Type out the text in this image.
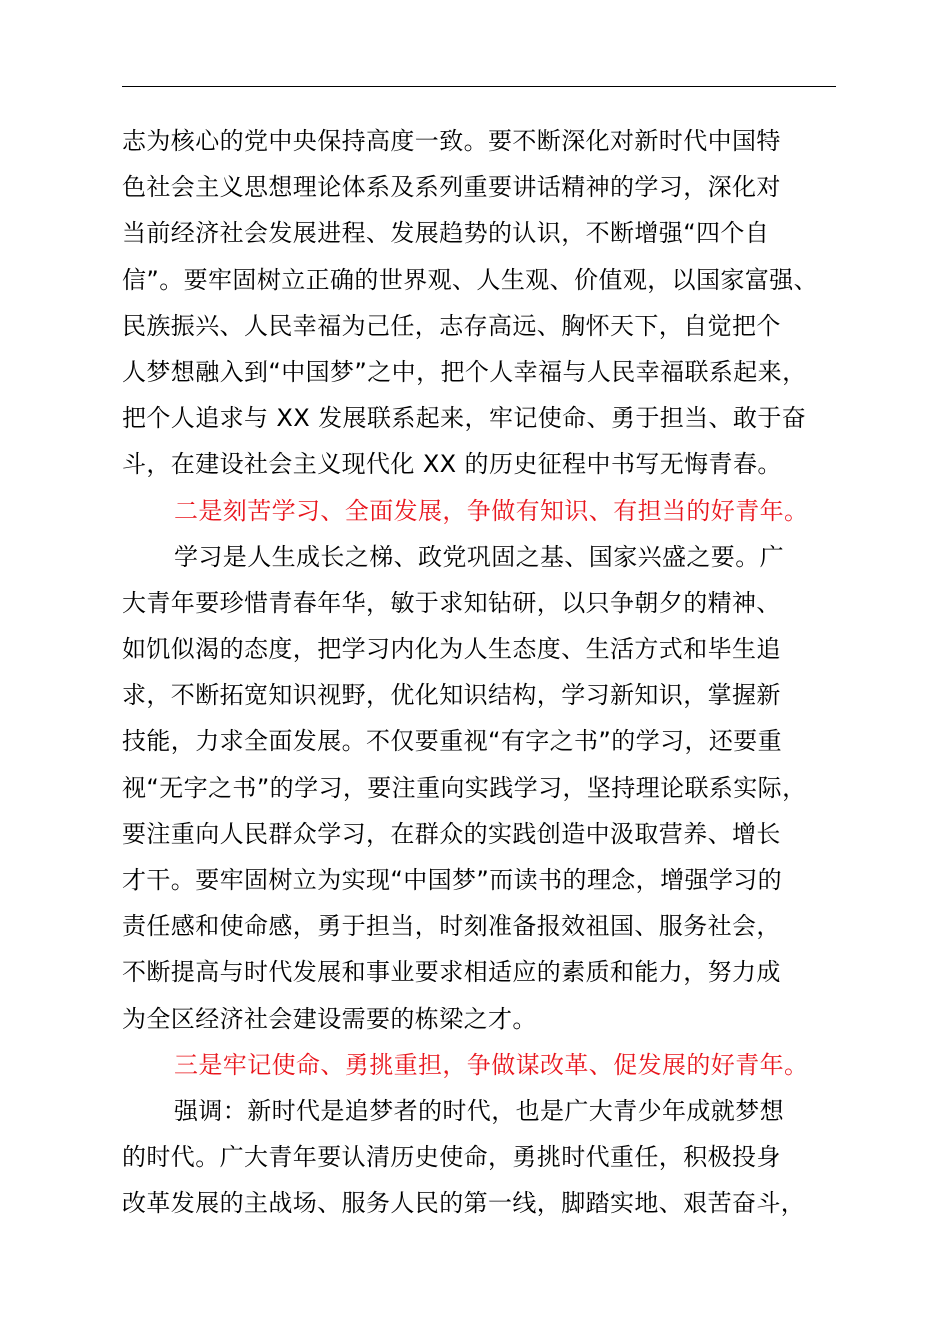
志为核心的党中央保持高度一致。要不断深化对新时代中国特
色社会主义思想理论体系及系列重要讲话精神的学习，深化对
当前经济社会发展进程、发展趋势的认识，不断增强“四个自
信”。要牢固树立正确的世界观、人生观、价值观，以国家富强、
民族振兴、人民幸福为己任，志存高远、胸怀天下，自觉把个
人梦想融入到“中国梦”之中，把个人幸福与人民幸福联系起来，
把个人追求与 XX 发展联系起来，牢记使命、勇于担当、敢于奋
斗，在建设社会主义现代化 XX 的历史征程中书写无悔青春。
二是刻苦学习、全面发展，争做有知识、有担当的好青年。
学习是人生成长之梯、政党巩固之基、国家兴盛之要。广
大青年要珍惜青春年华，敏于求知钻研，以只争朝夕的精神、
如饥似渴的态度，把学习内化为人生态度、生活方式和毕生追
求，不断拓宽知识视野，优化知识结构，学习新知识，掌握新
技能，力求全面发展。不仅要重视“有字之书”的学习，还要重
视“无字之书”的学习，要注重向实践学习，坚持理论联系实际，
要注重向人民群众学习，在群众的实践创造中汲取营养、增长
才干。要牢固树立为实现“中国梦”而读书的理念，增强学习的
责任感和使命感，勇于担当，时刻准备报效祖国、服务社会，
不断提高与时代发展和事业要求相适应的素质和能力，努力成
为全区经济社会建设需要的栋梁之才。
三是牢记使命、勇挑重担，争做谋改革、促发展的好青年。
强调：新时代是追梦者的时代，也是广大青少年成就梦想
的时代。广大青年要认清历史使命，勇挑时代重任，积极投身
改革发展的主战场、服务人民的第一线，脚踏实地、艰苦奋斗，
